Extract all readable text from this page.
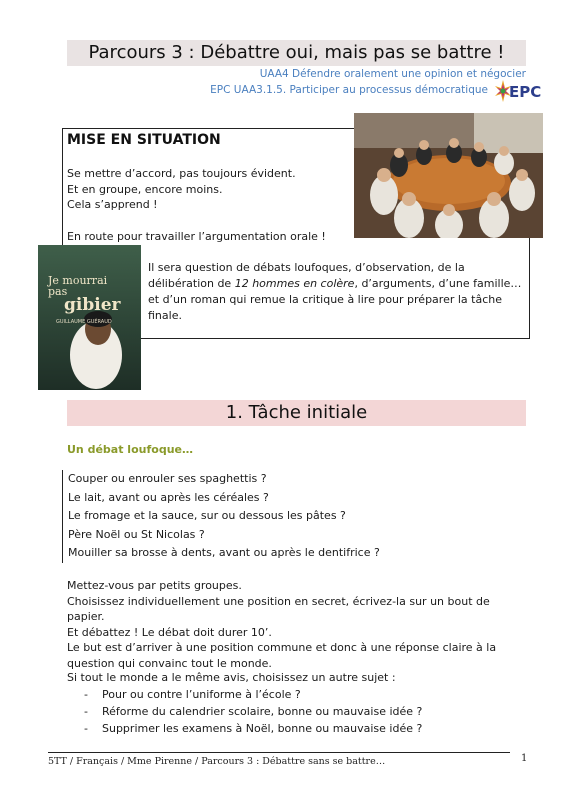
Parcours 3 : Débattre oui, mais pas se battre !
UAA4 Défendre oralement une opinion et négocier
EPC UAA3.1.5. Participer au processus démocratique EPC
MISE EN SITUATION
Se mettre d’accord, pas toujours évident.
Et en groupe, encore moins.
Cela s’apprend !
En route pour travailler l’argumentation orale !
Il sera question de débats loufoques, d’observation, de la délibération de 12 hommes en colère, d’arguments, d’une famille… et d’un roman qui remue la critique à lire pour préparer la tâche finale.
Je mourrai
pas
gibier
GUILLAUME GUÉRAUD
1. Tâche initiale
Un débat loufoque…
Couper ou enrouler ses spaghettis ?
Le lait, avant ou après les céréales ?
Le fromage et la sauce, sur ou dessous les pâtes ?
Père Noël ou St Nicolas ?
Mouiller sa brosse à dents, avant ou après le dentifrice ?
Mettez-vous par petits groupes.
Choisissez individuellement une position en secret, écrivez-la sur un bout de papier.
Et débattez ! Le débat doit durer 10’.
Le but est d’arriver à une position commune et donc à une réponse claire à la question qui convainc tout le monde.
Si tout le monde a le même avis, choisissez un autre sujet :
-	Pour ou contre l’uniforme à l’école ?
-	Réforme du calendrier scolaire, bonne ou mauvaise idée ?
-	Supprimer les examens à Noël, bonne ou mauvaise idée ?
5TT / Français / Mme Pirenne / Parcours 3 : Débattre sans se battre…	1
